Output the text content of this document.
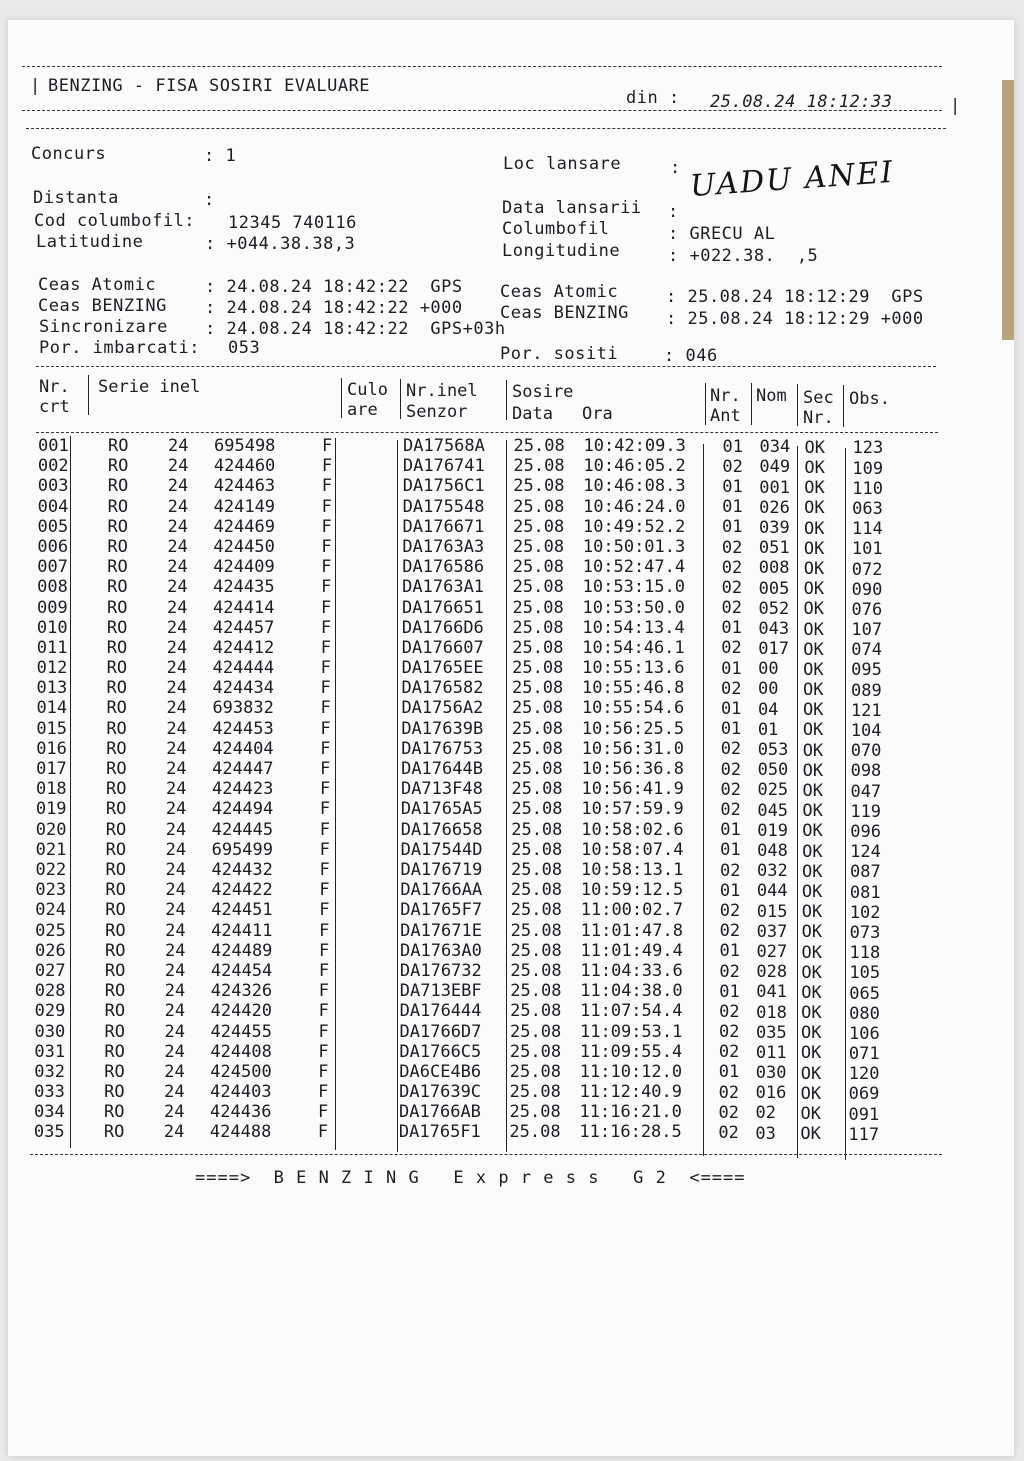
| BENZING - FISA SOSIRI EVALUARE
din : 25.08.24 18:12:33	|
Concurs	: 1
Distanta	:
Cod columbofil: 12345 740116
Latitudine	: +044.38.38,3
Loc lansare	: UADU ANEI
Data lansarii :
Columbofil	: GRECU AL
Longitudine	: +022.38.  ,5
Ceas Atomic	: 24.08.24 18:42:22  GPS
Ceas BENZING : 24.08.24 18:42:22 +000
Sincronizare : 24.08.24 18:42:22  GPS+03h
Por. imbarcati: 053
Ceas Atomic	: 25.08.24 18:12:29  GPS
Ceas BENZING : 25.08.24 18:12:29 +000
Por. sositi	: 046
Nr.
crt
Serie inel	Culo
are
Nr.inel
Senzor
Sosire
Data Ora
Nr.
Ant
Nom Sec
Nr.
Obs.
001 RO 24 695498	F	DA17568A 25.08 10:42:09.3 01 034 OK 123
002 RO 24 424460	F	DA176741 25.08 10:46:05.2 02 049 OK 109
003 RO 24 424463	F	DA1756C1 25.08 10:46:08.3 01 001 OK 110
004 RO 24 424149	F	DA175548 25.08 10:46:24.0 01 026 OK 063
005 RO 24 424469	F	DA176671 25.08 10:49:52.2 01 039 OK 114
006 RO 24 424450	F	DA1763A3 25.08 10:50:01.3 02 051 OK 101
007 RO 24 424409	F	DA176586 25.08 10:52:47.4 02 008 OK 072
008 RO 24 424435	F	DA1763A1 25.08 10:53:15.0 02 005 OK 090
009 RO 24 424414	F	DA176651 25.08 10:53:50.0 02 052 OK 076
010 RO 24 424457	F	DA1766D6 25.08 10:54:13.4 01 043 OK 107
011 RO 24 424412	F	DA176607 25.08 10:54:46.1 02 017 OK 074
012 RO 24 424444	F	DA1765EE 25.08 10:55:13.6 01 00 OK 095
013 RO 24 424434	F	DA176582 25.08 10:55:46.8 02 00 OK 089
014 RO 24 693832	F	DA1756A2 25.08 10:55:54.6 01 04 OK 121
015 RO 24 424453	F	DA17639B 25.08 10:56:25.5 01 01 OK 104
016 RO 24 424404	F	DA176753 25.08 10:56:31.0 02 053 OK 070
017 RO 24 424447	F	DA17644B 25.08 10:56:36.8 02 050 OK 098
018 RO 24 424423	F	DA713F48 25.08 10:56:41.9 02 025 OK 047
019 RO 24 424494	F	DA1765A5 25.08 10:57:59.9 02 045 OK 119
020 RO 24 424445	F	DA176658 25.08 10:58:02.6 01 019 OK 096
021 RO 24 695499	F	DA17544D 25.08 10:58:07.4 01 048 OK 124
022 RO 24 424432	F	DA176719 25.08 10:58:13.1 02 032 OK 087
023 RO 24 424422	F	DA1766AA 25.08 10:59:12.5 01 044 OK 081
024 RO 24 424451	F	DA1765F7 25.08 11:00:02.7 02 015 OK 102
025 RO 24 424411	F	DA17671E 25.08 11:01:47.8 02 037 OK 073
026 RO 24 424489	F	DA1763A0 25.08 11:01:49.4 01 027 OK 118
027 RO 24 424454	F	DA176732 25.08 11:04:33.6 02 028 OK 105
028 RO 24 424326	F	DA713EBF 25.08 11:04:38.0 01 041 OK 065
029 RO 24 424420	F	DA176444 25.08 11:07:54.4 02 018 OK 080
030 RO 24 424455	F	DA1766D7 25.08 11:09:53.1 02 035 OK 106
031 RO 24 424408	F	DA1766C5 25.08 11:09:55.4 02 011 OK 071
032 RO 24 424500	F	DA6CE4B6 25.08 11:10:12.0 01 030 OK 120
033 RO 24 424403	F	DA17639C 25.08 11:12:40.9 02 016 OK 069
034 RO 24 424436	F	DA1766AB 25.08 11:16:21.0 02 02 OK 091
035 RO 24 424488	F	DA1765F1 25.08 11:16:28.5 02 03 OK 117
====>  B E N Z I N G   E x p r e s s   G 2  <====
